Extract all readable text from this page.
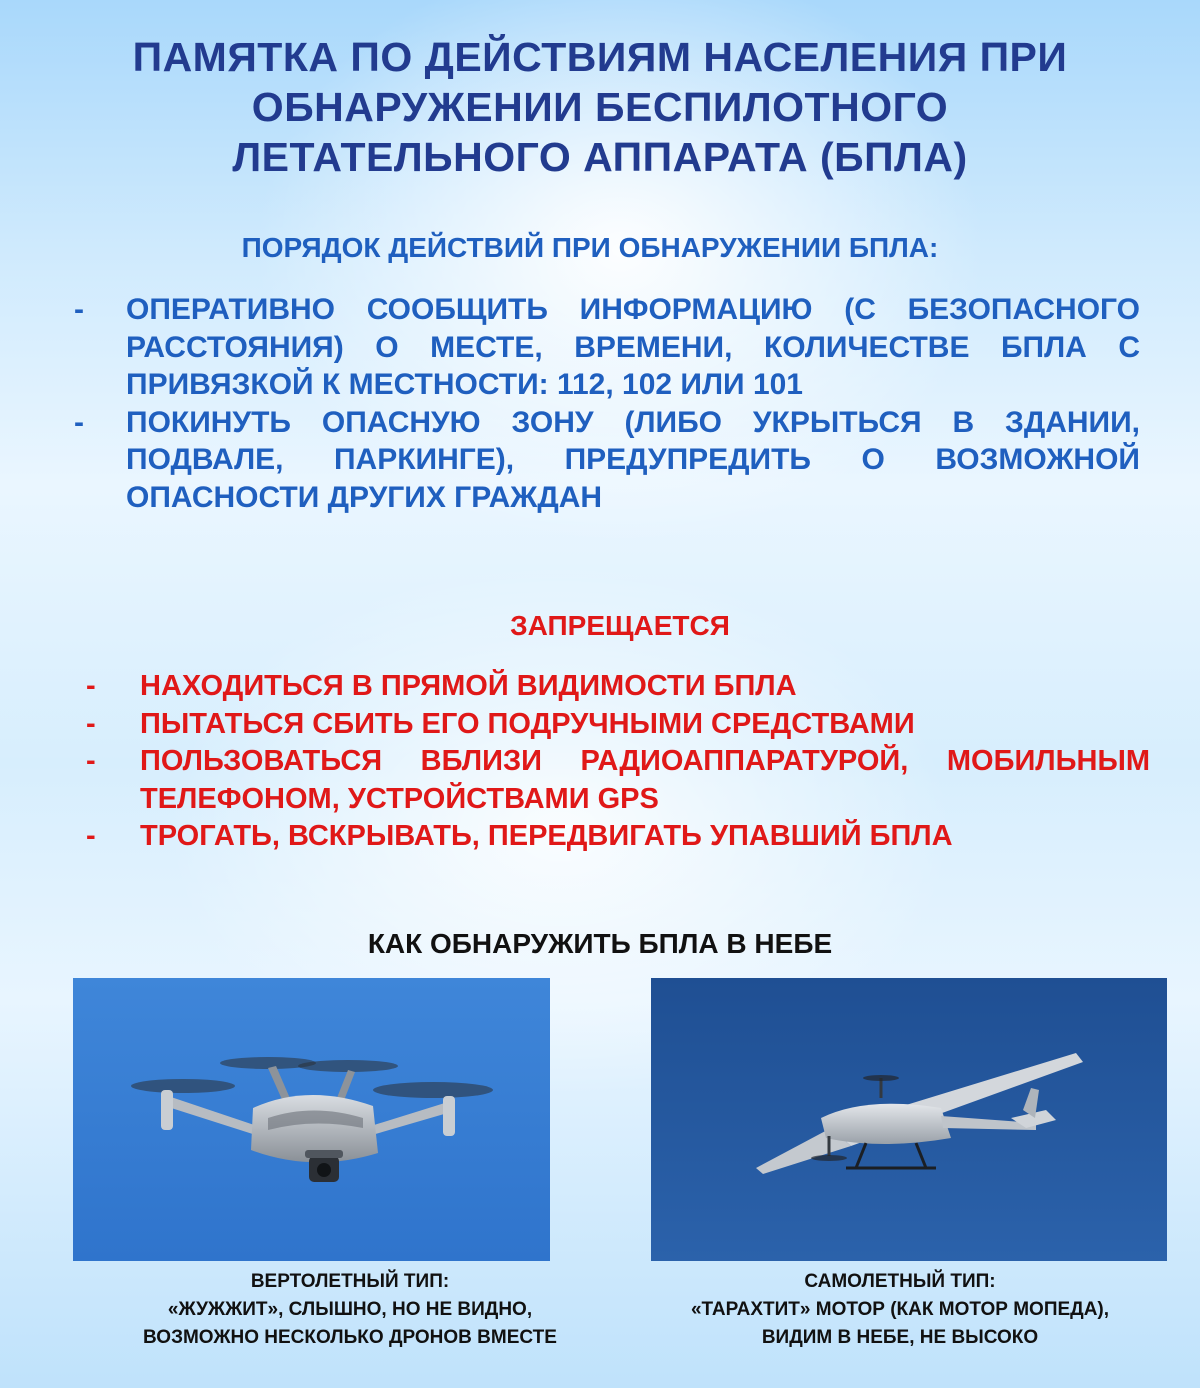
ПАМЯТКА ПО ДЕЙСТВИЯМ НАСЕЛЕНИЯ ПРИ
ОБНАРУЖЕНИИ БЕСПИЛОТНОГО
ЛЕТАТЕЛЬНОГО АППАРАТА (БПЛА)
ПОРЯДОК ДЕЙСТВИЙ ПРИ ОБНАРУЖЕНИИ БПЛА:
- ОПЕРАТИВНО СООБЩИТЬ ИНФОРМАЦИЮ (С БЕЗОПАСНОГО РАССТОЯНИЯ) О МЕСТЕ, ВРЕМЕНИ, КОЛИЧЕСТВЕ БПЛА С ПРИВЯЗКОЙ К МЕСТНОСТИ: 112, 102 ИЛИ 101
- ПОКИНУТЬ ОПАСНУЮ ЗОНУ (ЛИБО УКРЫТЬСЯ В ЗДАНИИ, ПОДВАЛЕ, ПАРКИНГЕ), ПРЕДУПРЕДИТЬ О ВОЗМОЖНОЙ ОПАСНОСТИ ДРУГИХ ГРАЖДАН
ЗАПРЕЩАЕТСЯ
- НАХОДИТЬСЯ В ПРЯМОЙ ВИДИМОСТИ БПЛА
- ПЫТАТЬСЯ СБИТЬ ЕГО ПОДРУЧНЫМИ СРЕДСТВАМИ
- ПОЛЬЗОВАТЬСЯ ВБЛИЗИ РАДИОАППАРАТУРОЙ, МОБИЛЬНЫМ ТЕЛЕФОНОМ, УСТРОЙСТВАМИ GPS
- ТРОГАТЬ, ВСКРЫВАТЬ, ПЕРЕДВИГАТЬ УПАВШИЙ БПЛА
КАК ОБНАРУЖИТЬ БПЛА В НЕБЕ
ВЕРТОЛЕТНЫЙ ТИП:
«ЖУЖЖИТ», СЛЫШНО, НО НЕ ВИДНО,
ВОЗМОЖНО НЕСКОЛЬКО ДРОНОВ ВМЕСТЕ
САМОЛЕТНЫЙ ТИП:
«ТАРАХТИТ» МОТОР (КАК МОТОР МОПЕДА),
ВИДИМ В НЕБЕ, НЕ ВЫСОКО
